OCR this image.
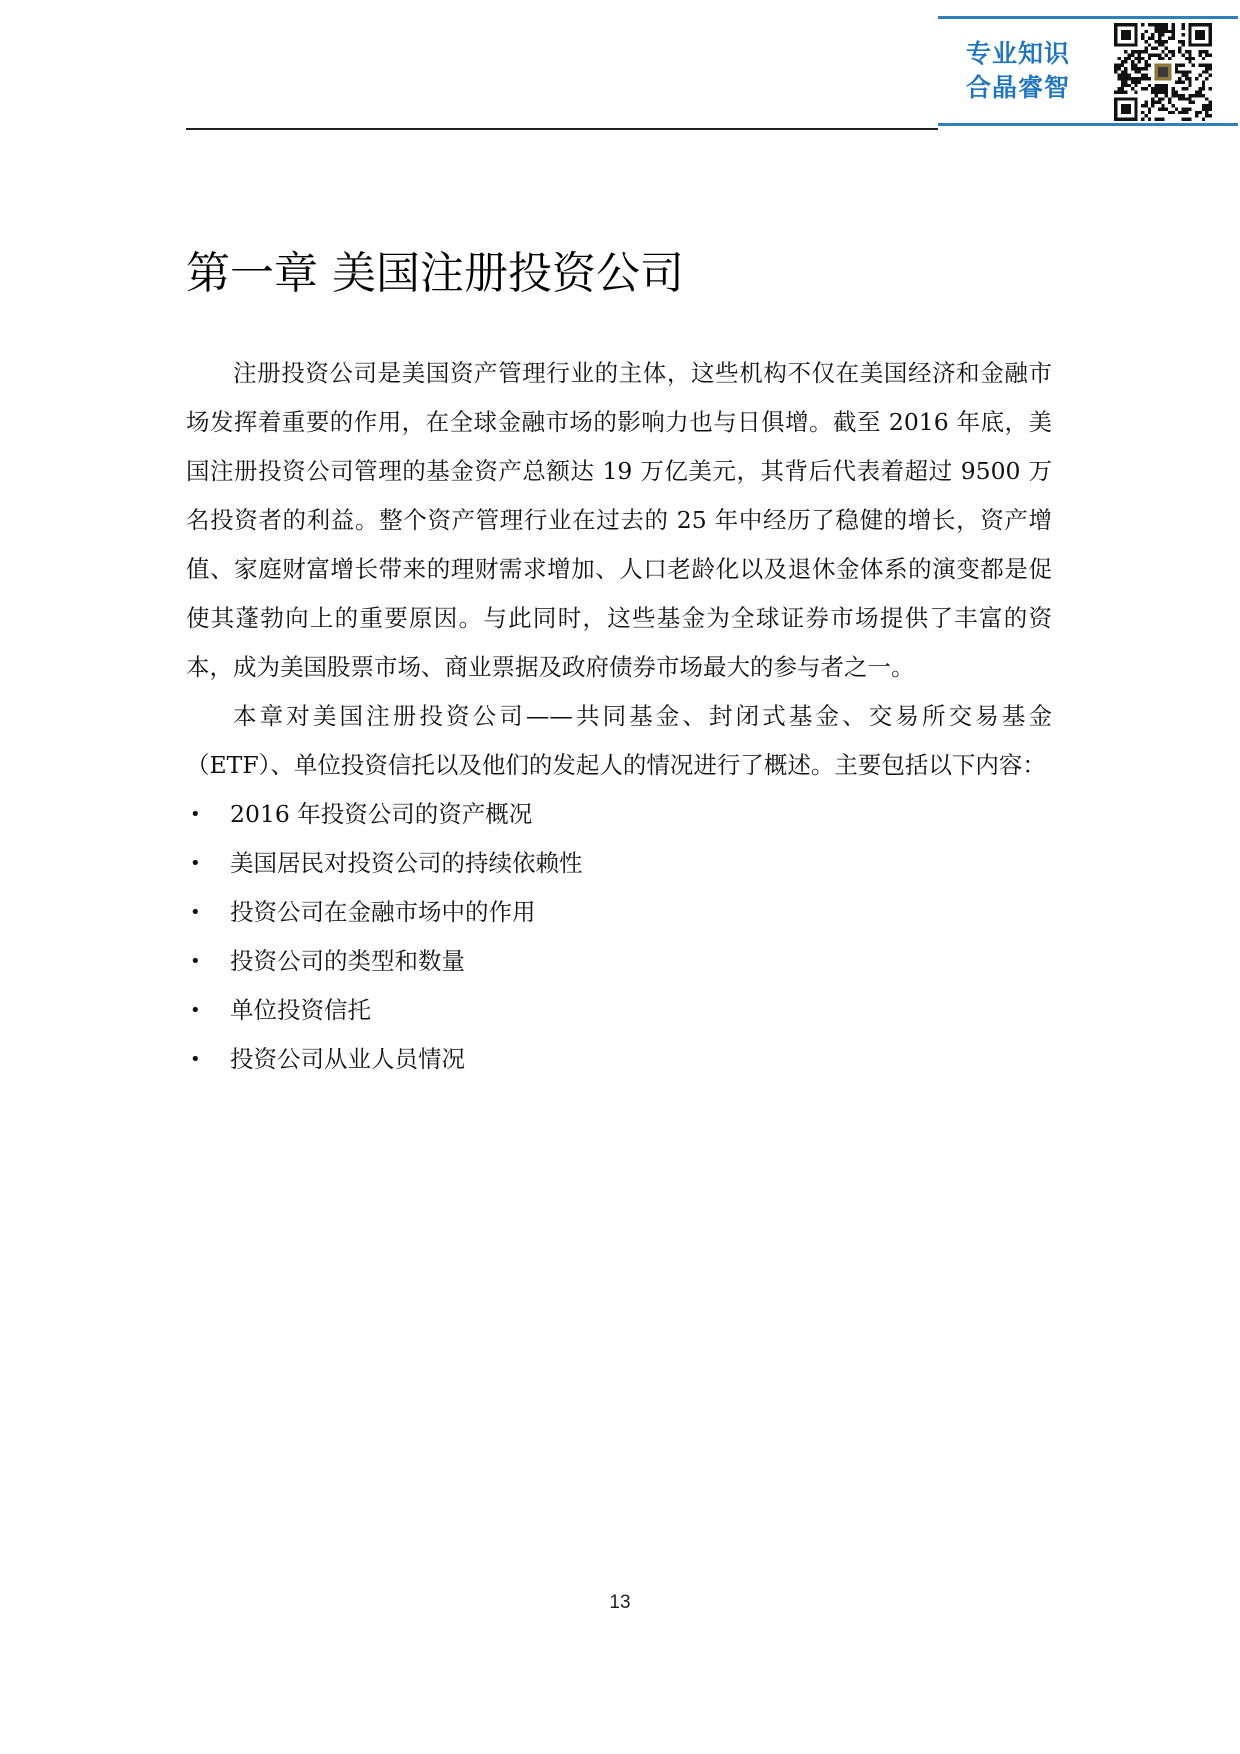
专业知识
合晶睿智
第一章 美国注册投资公司

注册投资公司是美国资产管理行业的主体，这些机构不仅在美国经济和金融市场发挥着重要的作用，在全球金融市场的影响力也与日俱增。截至 2016 年底，美国注册投资公司管理的基金资产总额达 19 万亿美元，其背后代表着超过 9500 万名投资者的利益。整个资产管理行业在过去的 25 年中经历了稳健的增长，资产增值、家庭财富增长带来的理财需求增加、人口老龄化以及退休金体系的演变都是促使其蓬勃向上的重要原因。与此同时，这些基金为全球证券市场提供了丰富的资本，成为美国股票市场、商业票据及政府债券市场最大的参与者之一。

本章对美国注册投资公司——共同基金、封闭式基金、交易所交易基金（ETF）、单位投资信托以及他们的发起人的情况进行了概述。主要包括以下内容：

• 2016 年投资公司的资产概况
• 美国居民对投资公司的持续依赖性
• 投资公司在金融市场中的作用
• 投资公司的类型和数量
• 单位投资信托
• 投资公司从业人员情况
13
